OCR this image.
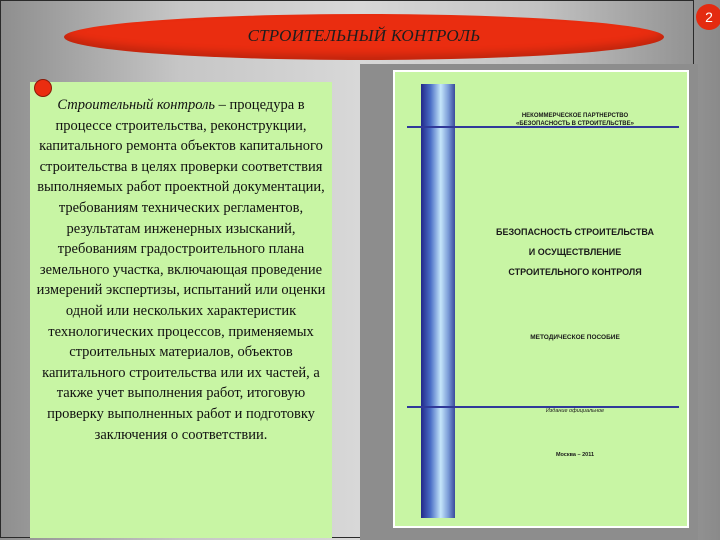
2
СТРОИТЕЛЬНЫЙ КОНТРОЛЬ
Строительный контроль – процедура в процессе строительства, реконструкции, капитального ремонта объектов капитального строительства в целях проверки соответствия выполняемых работ проектной документации, требованиям технических регламентов, результатам инженерных изысканий, требованиям градостроительного плана земельного участка, включающая проведение измерений экспертизы, испытаний или оценки одной или нескольких характеристик технологических процессов, применяемых строительных материалов, объектов капитального строительства или их частей, а также учет выполнения работ, итоговую проверку выполненных работ и подготовку заключения о соответствии.
НЕКОММЕРЧЕСКОЕ ПАРТНЕРСТВО
«БЕЗОПАСНОСТЬ В СТРОИТЕЛЬСТВЕ»
БЕЗОПАСНОСТЬ СТРОИТЕЛЬСТВА
И ОСУЩЕСТВЛЕНИЕ
СТРОИТЕЛЬНОГО КОНТРОЛЯ
МЕТОДИЧЕСКОЕ ПОСОБИЕ
Издание официальное
Москва – 2011
